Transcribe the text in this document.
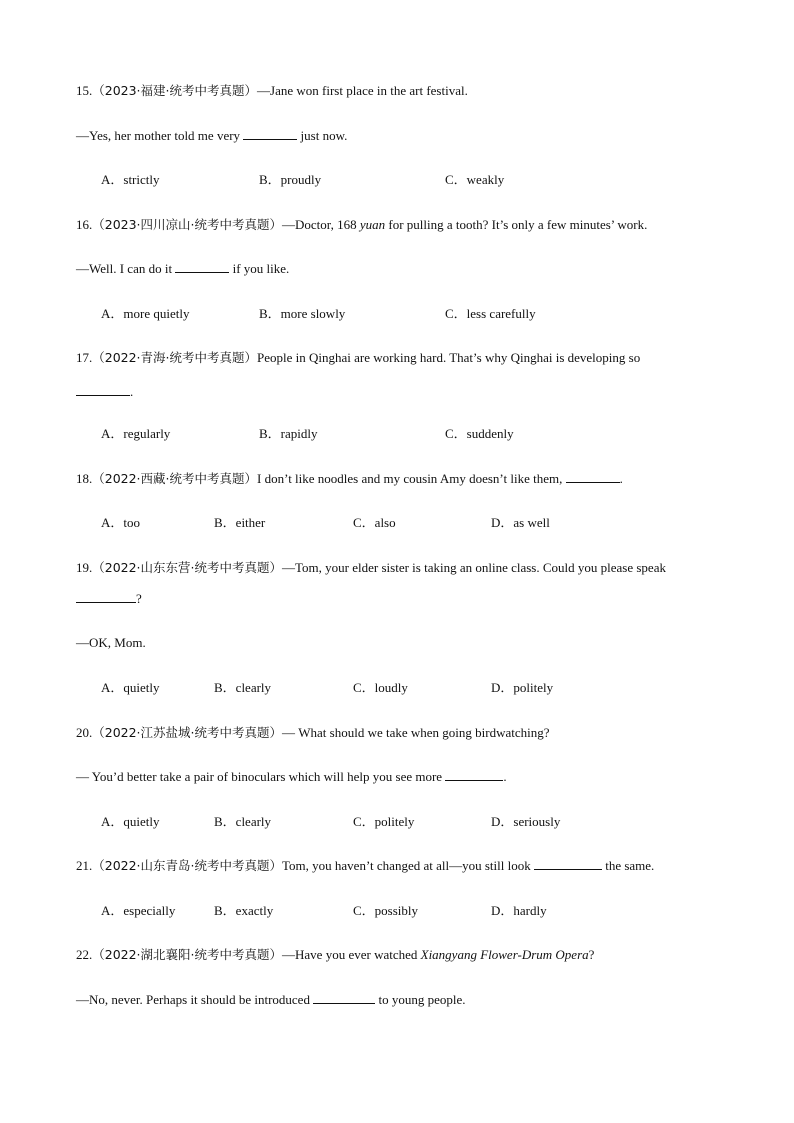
15.（2023·福建·统考中考真题）—Jane won first place in the art festival.
—Yes, her mother told me very	just now.
A．strictly	B．proudly	C．weakly
16.（2023·四川凉山·统考中考真题）—Doctor, 168 yuan for pulling a tooth? It’s only a few minutes’ work.
—Well. I can do it	if you like.
A．more quietly	B．more slowly	C．less carefully
17.（2022·青海·统考中考真题）People in Qinghai are working hard. That’s why Qinghai is developing so
.
A．regularly	B．rapidly	C．suddenly
18.（2022·西藏·统考中考真题）I don’t like noodles and my cousin Amy doesn’t like them,	.
A．too	B．either	C．also	D．as well
19.（2022·山东东营·统考中考真题）—Tom, your elder sister is taking an online class. Could you please speak
?
—OK, Mom.
A．quietly	B．clearly	C．loudly	D．politely
20.（2022·江苏盐城·统考中考真题）— What should we take when going birdwatching?
— You’d better take a pair of binoculars which will help you see more	.
A．quietly	B．clearly	C．politely	D．seriously
21.（2022·山东青岛·统考中考真题）Tom, you haven’t changed at all—you still look	the same.
A．especially	B．exactly	C．possibly	D．hardly
22.（2022·湖北襄阳·统考中考真题）—Have you ever watched Xiangyang Flower-Drum Opera?
—No, never. Perhaps it should be introduced	to young people.
